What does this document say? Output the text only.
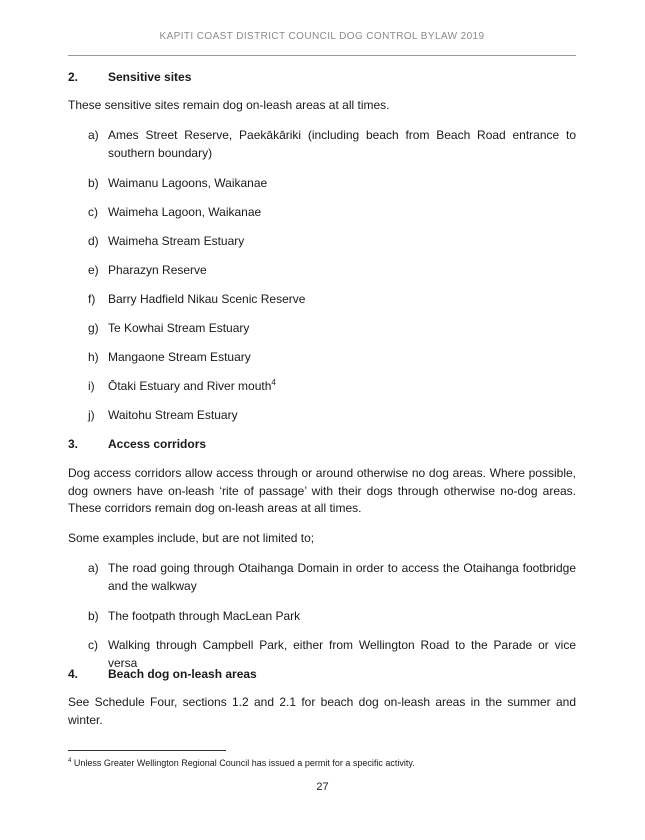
KAPITI COAST DISTRICT COUNCIL DOG CONTROL BYLAW 2019
2. Sensitive sites

These sensitive sites remain dog on-leash areas at all times.

a) Ames Street Reserve, Paekākāriki (including beach from Beach Road entrance to southern boundary)
b) Waimanu Lagoons, Waikanae
c) Waimeha Lagoon, Waikanae
d) Waimeha Stream Estuary
e) Pharazyn Reserve
f) Barry Hadfield Nikau Scenic Reserve
g) Te Kowhai Stream Estuary
h) Mangaone Stream Estuary
i) Ōtaki Estuary and River mouth$^4$
j) Waitohu Stream Estuary
3. Access corridors

Dog access corridors allow access through or around otherwise no dog areas. Where possible, dog owners have on-leash ‘rite of passage’ with their dogs through otherwise no-dog areas. These corridors remain dog on-leash areas at all times.

Some examples include, but are not limited to;

a) The road going through Otaihanga Domain in order to access the Otaihanga footbridge and the walkway
b) The footpath through MacLean Park
c) Walking through Campbell Park, either from Wellington Road to the Parade or vice versa
4. Beach dog on-leash areas

See Schedule Four, sections 1.2 and 2.1 for beach dog on-leash areas in the summer and winter.

$^4$ Unless Greater Wellington Regional Council has issued a permit for a specific activity.
27
